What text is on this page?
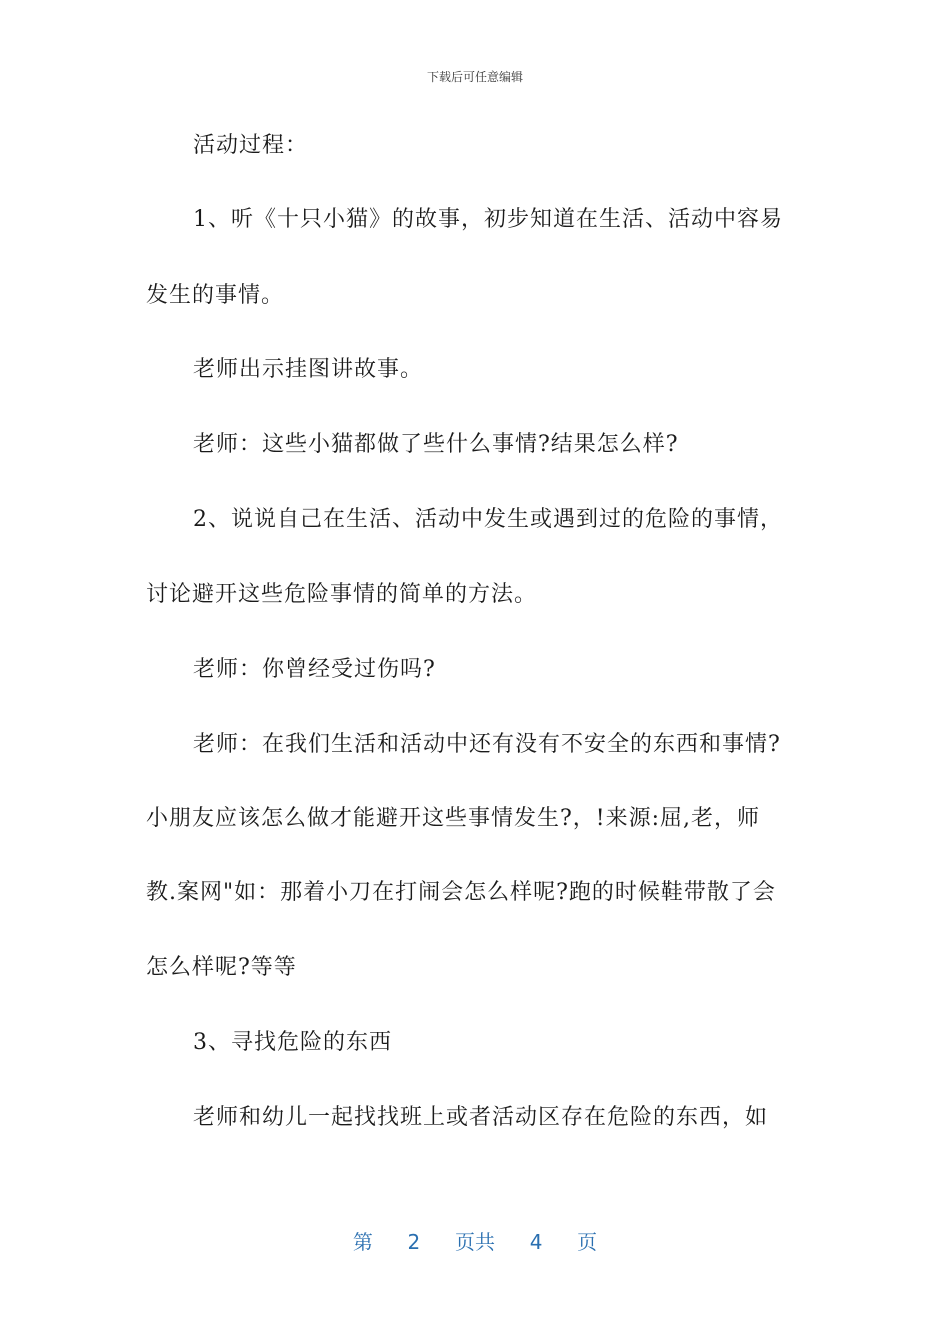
下载后可任意编辑
活动过程：
1、听《十只小猫》的故事，初步知道在生活、活动中容易
发生的事情。
老师出示挂图讲故事。
老师：这些小猫都做了些什么事情?结果怎么样?
2、说说自己在生活、活动中发生或遇到过的危险的事情，
讨论避开这些危险事情的简单的方法。
老师：你曾经受过伤吗?
老师：在我们生活和活动中还有没有不安全的东西和事情?
小朋友应该怎么做才能避开这些事情发生?，!来源:屈,老，师
教.案网"如：那着小刀在打闹会怎么样呢?跑的时候鞋带散了会
怎么样呢?等等
3、寻找危险的东西
老师和幼儿一起找找班上或者活动区存在危险的东西，如
第 2 页共 4 页
